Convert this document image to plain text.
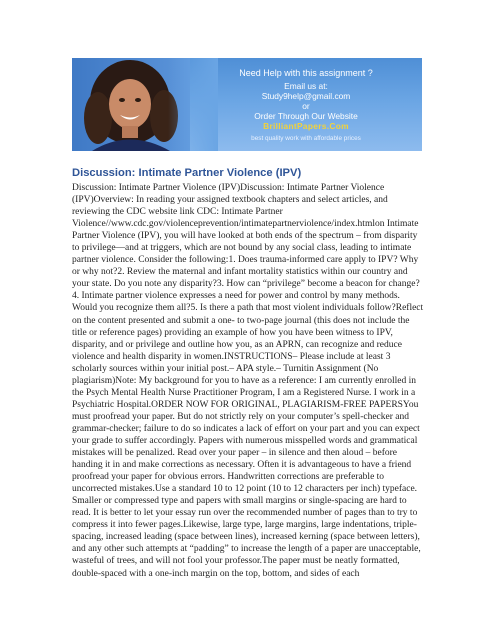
Need Help with this assignment ?
Email us at:
Study9help@gmail.com
or
Order Through Our Website
BrilliantPapers.Com
best quality work with affordable prices
Discussion: Intimate Partner Violence (IPV)

Discussion: Intimate Partner Violence (IPV)Discussion: Intimate Partner Violence (IPV)Overview: In reading your assigned textbook chapters and select articles, and reviewing the CDC website link CDC: Intimate Partner Violence//www.cdc.gov/violenceprevention/intimatepartnerviolence/index.htmlon Intimate Partner Violence (IPV), you will have looked at both ends of the spectrum – from disparity to privilege—and at triggers, which are not bound by any social class, leading to intimate partner violence. Consider the following:1. Does trauma-informed care apply to IPV? Why or why not?2. Review the maternal and infant mortality statistics within our country and your state. Do you note any disparity?3. How can “privilege” become a beacon for change?4. Intimate partner violence expresses a need for power and control by many methods. Would you recognize them all?5. Is there a path that most violent individuals follow?Reflect on the content presented and submit a one- to two-page journal (this does not include the title or reference pages) providing an example of how you have been witness to IPV, disparity, and or privilege and outline how you, as an APRN, can recognize and reduce violence and health disparity in women.INSTRUCTIONS– Please include at least 3 scholarly sources within your initial post.– APA style.– Turnitin Assignment (No plagiarism)Note: My background for you to have as a reference: I am currently enrolled in the Psych Mental Health Nurse Practitioner Program, I am a Registered Nurse. I work in a Psychiatric Hospital.ORDER NOW FOR ORIGINAL, PLAGIARISM-FREE PAPERSYou must proofread your paper. But do not strictly rely on your computer’s spell-checker and grammar-checker; failure to do so indicates a lack of effort on your part and you can expect your grade to suffer accordingly. Papers with numerous misspelled words and grammatical mistakes will be penalized. Read over your paper – in silence and then aloud – before handing it in and make corrections as necessary. Often it is advantageous to have a friend proofread your paper for obvious errors. Handwritten corrections are preferable to uncorrected mistakes.Use a standard 10 to 12 point (10 to 12 characters per inch) typeface. Smaller or compressed type and papers with small margins or single-spacing are hard to read. It is better to let your essay run over the recommended number of pages than to try to compress it into fewer pages.Likewise, large type, large margins, large indentations, triple-spacing, increased leading (space between lines), increased kerning (space between letters), and any other such attempts at “padding” to increase the length of a paper are unacceptable, wasteful of trees, and will not fool your professor.The paper must be neatly formatted, double-spaced with a one-inch margin on the top, bottom, and sides of each
